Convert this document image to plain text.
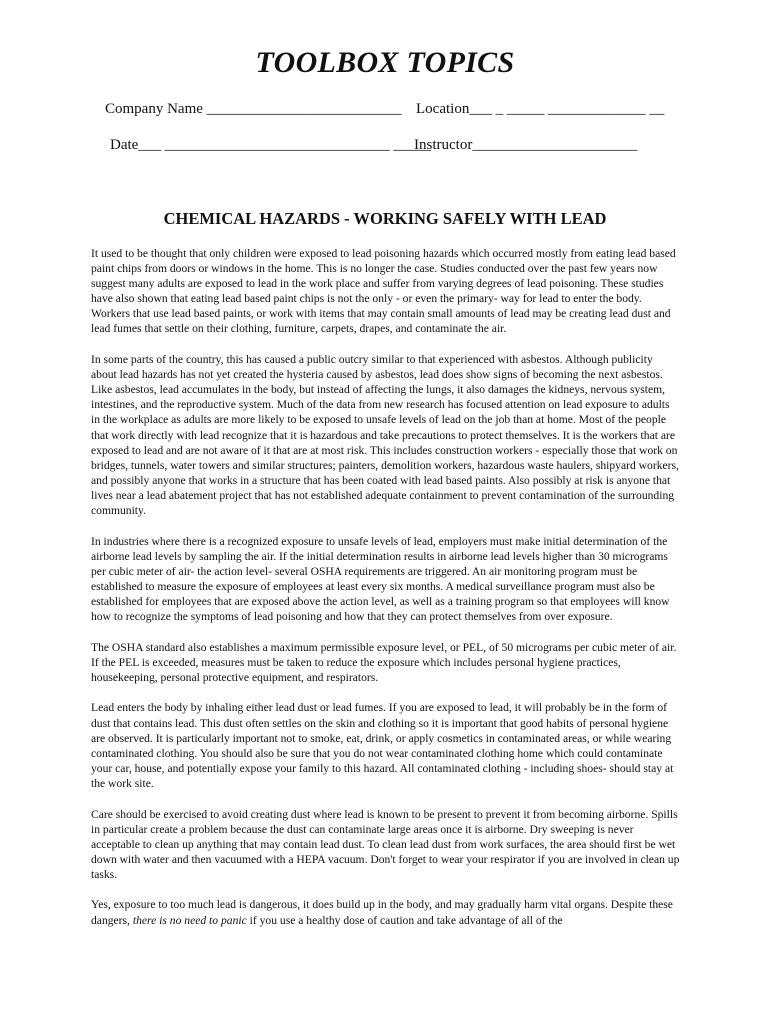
TOOLBOX TOPICS
Company Name __________________________ Location___ _ _____ _____________ __
Date___ ______________________________ _____
Instructor______________________
CHEMICAL HAZARDS - WORKING SAFELY WITH LEAD

It used to be thought that only children were exposed to lead poisoning hazards which occurred mostly from eating lead based paint chips from doors or windows in the home. This is no longer the case. Studies conducted over the past few years now suggest many adults are exposed to lead in the work place and suffer from varying degrees of lead poisoning. These studies have also shown that eating lead based paint chips is not the only - or even the primary- way for lead to enter the body. Workers that use lead based paints, or work with items that may contain small amounts of lead may be creating lead dust and lead fumes that settle on their clothing, furniture, carpets, drapes, and contaminate the air.

In some parts of the country, this has caused a public outcry similar to that experienced with asbestos. Although publicity about lead hazards has not yet created the hysteria caused by asbestos, lead does show signs of becoming the next asbestos. Like asbestos, lead accumulates in the body, but instead of affecting the lungs, it also damages the kidneys, nervous system, intestines, and the reproductive system. Much of the data from new research has focused attention on lead exposure to adults in the workplace as adults are more likely to be exposed to unsafe levels of lead on the job than at home. Most of the people that work directly with lead recognize that it is hazardous and take precautions to protect themselves. It is the workers that are exposed to lead and are not aware of it that are at most risk. This includes construction workers - especially those that work on bridges, tunnels, water towers and similar structures; painters, demolition workers, hazardous waste haulers, shipyard workers, and possibly anyone that works in a structure that has been coated with lead based paints. Also possibly at risk is anyone that lives near a lead abatement project that has not established adequate containment to prevent contamination of the surrounding community.

In industries where there is a recognized exposure to unsafe levels of lead, employers must make initial determination of the airborne lead levels by sampling the air. If the initial determination results in airborne lead levels higher than 30 micrograms per cubic meter of air- the action level- several OSHA requirements are triggered. An air monitoring program must be established to measure the exposure of employees at least every six months. A medical surveillance program must also be established for employees that are exposed above the action level, as well as a training program so that employees will know how to recognize the symptoms of lead poisoning and how that they can protect themselves from over exposure.

The OSHA standard also establishes a maximum permissible exposure level, or PEL, of 50 micrograms per cubic meter of air. If the PEL is exceeded, measures must be taken to reduce the exposure which includes personal hygiene practices, housekeeping, personal protective equipment, and respirators.

Lead enters the body by inhaling either lead dust or lead fumes. If you are exposed to lead, it will probably be in the form of dust that contains lead. This dust often settles on the skin and clothing so it is important that good habits of personal hygiene are observed. It is particularly important not to smoke, eat, drink, or apply cosmetics in contaminated areas, or while wearing contaminated clothing. You should also be sure that you do not wear contaminated clothing home which could contaminate your car, house, and potentially expose your family to this hazard. All contaminated clothing - including shoes- should stay at the work site.

Care should be exercised to avoid creating dust where lead is known to be present to prevent it from becoming airborne. Spills in particular create a problem because the dust can contaminate large areas once it is airborne. Dry sweeping is never acceptable to clean up anything that may contain lead dust. To clean lead dust from work surfaces, the area should first be wet down with water and then vacuumed with a HEPA vacuum. Don't forget to wear your respirator if you are involved in clean up tasks.

Yes, exposure to too much lead is dangerous, it does build up in the body, and may gradually harm vital organs. Despite these dangers, there is no need to panic if you use a healthy dose of caution and take advantage of all of the
